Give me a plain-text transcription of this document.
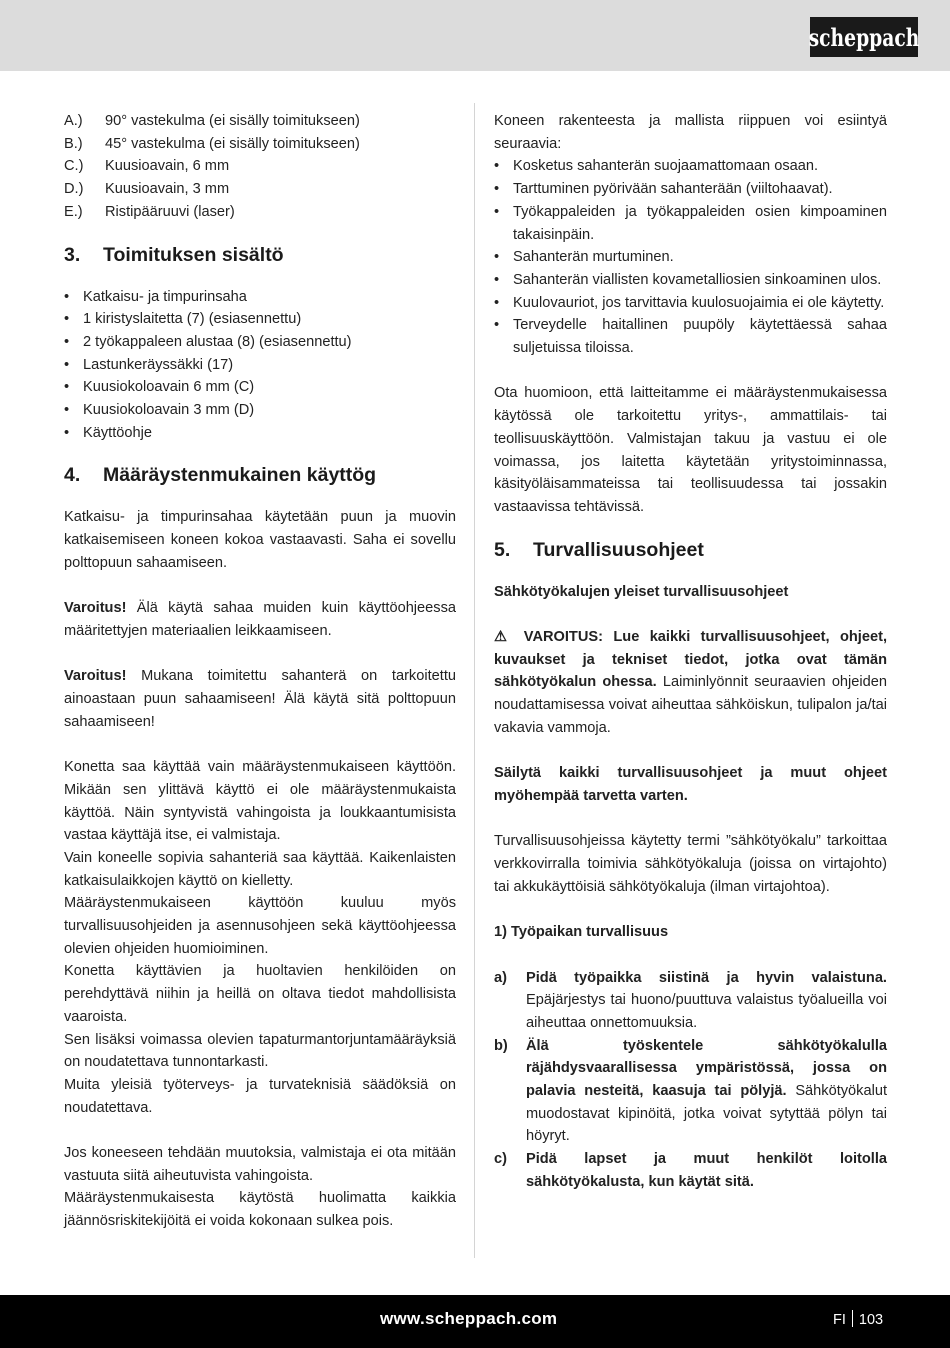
scheppach
A.)	90° vastekulma (ei sisälly toimitukseen)
B.)	45° vastekulma (ei sisälly toimitukseen)
C.)	Kuusioavain, 6 mm
D.)	Kuusioavain, 3 mm
E.)	Ristipääruuvi (laser)
3.	Toimituksen sisältö
• Katkaisu- ja timpurinsaha
• 1 kiristyslaitetta (7) (esiasennettu)
• 2 työkappaleen alustaa (8) (esiasennettu)
• Lastunkeräyssäkki (17)
• Kuusiokoloavain 6 mm (C)
• Kuusiokoloavain 3 mm (D)
• Käyttöohje
4.	Määräystenmukainen käyttög

Katkaisu- ja timpurinsahaa käytetään puun ja muovin katkaisemiseen koneen kokoa vastaavasti. Saha ei sovellu polttopuun sahaamiseen.

Varoitus! Älä käytä sahaa muiden kuin käyttöohjeessa määritettyjen materiaalien leikkaamiseen.

Varoitus! Mukana toimitettu sahanterä on tarkoitettu ainoastaan puun sahaamiseen! Älä käytä sitä polttopuun sahaamiseen!

Konetta saa käyttää vain määräystenmukaiseen käyttöön. Mikään sen ylittävä käyttö ei ole määräystenmukaista käyttöä. Näin syntyvistä vahingoista ja loukkaantumisista vastaa käyttäjä itse, ei valmistaja.

Vain koneelle sopivia sahanteriä saa käyttää. Kaikenlaisten katkaisulaikkojen käyttö on kielletty.

Määräystenmukaiseen käyttöön kuuluu myös turvallisuusohjeiden ja asennusohjeen sekä käyttöohjeessa olevien ohjeiden huomioiminen.

Konetta käyttävien ja huoltavien henkilöiden on perehdyttävä niihin ja heillä on oltava tiedot mahdollisista vaaroista.

Sen lisäksi voimassa olevien tapaturmantorjuntamääräyksiä on noudatettava tunnontarkasti.

Muita yleisiä työterveys- ja turvateknisiä säädöksiä on noudatettava.

Jos koneeseen tehdään muutoksia, valmistaja ei ota mitään vastuuta siitä aiheutuvista vahingoista.

Määräystenmukaisesta käytöstä huolimatta kaikkia jäännösriskitekijöitä ei voida kokonaan sulkea pois.

Koneen rakenteesta ja mallista riippuen voi esiintyä seuraavia:

• Kosketus sahanterän suojaamattomaan osaan.
• Tarttuminen pyörivään sahanterään (viiltohaavat).
• Työkappaleiden ja työkappaleiden osien kimpoaminen takaisinpäin.
• Sahanterän murtuminen.
• Sahanterän viallisten kovametalliosien sinkoaminen ulos.
• Kuulovauriot, jos tarvittavia kuulosuojaimia ei ole käytetty.
• Terveydelle haitallinen puupöly käytettäessä sahaa suljetuissa tiloissa.

Ota huomioon, että laitteitamme ei määräystenmukaisessa käytössä ole tarkoitettu yritys-, ammattilais- tai teollisuuskäyttöön. Valmistajan takuu ja vastuu ei ole voimassa, jos laitetta käytetään yritystoiminnassa, käsityöläisammateissa tai teollisuudessa tai jossakin vastaavissa tehtävissä.

5.	Turvallisuusohjeet

Sähkötyökalujen yleiset turvallisuusohjeet

⚠ VAROITUS: Lue kaikki turvallisuusohjeet, ohjeet, kuvaukset ja tekniset tiedot, jotka ovat tämän sähkötyökalun ohessa. Laiminlyönnit seuraavien ohjeiden noudattamisessa voivat aiheuttaa sähköiskun, tulipalon ja/tai vakavia vammoja.

Säilytä kaikki turvallisuusohjeet ja muut ohjeet myöhempää tarvetta varten.

Turvallisuusohjeissa käytetty termi ”sähkötyökalu” tarkoittaa verkkovirralla toimivia sähkötyökaluja (joissa on virtajohto) tai akkukäyttöisiä sähkötyökaluja (ilman virtajohtoa).

1) Työpaikan turvallisuus

a)	Pidä työpaikka siistinä ja hyvin valaistuna. Epäjärjestys tai huono/puuttuva valaistus työalueilla voi aiheuttaa onnettomuuksia.
b)	Älä työskentele sähkötyökalulla räjähdysvaarallisessa ympäristössä, jossa on palavia nesteitä, kaasuja tai pölyjä. Sähkötyökalut muodostavat kipinöitä, jotka voivat sytyttää pölyn tai höyryt.
c)	Pidä lapset ja muut henkilöt loitolla sähkötyökalusta, kun käytät sitä.
www.scheppach.com	FI 103
